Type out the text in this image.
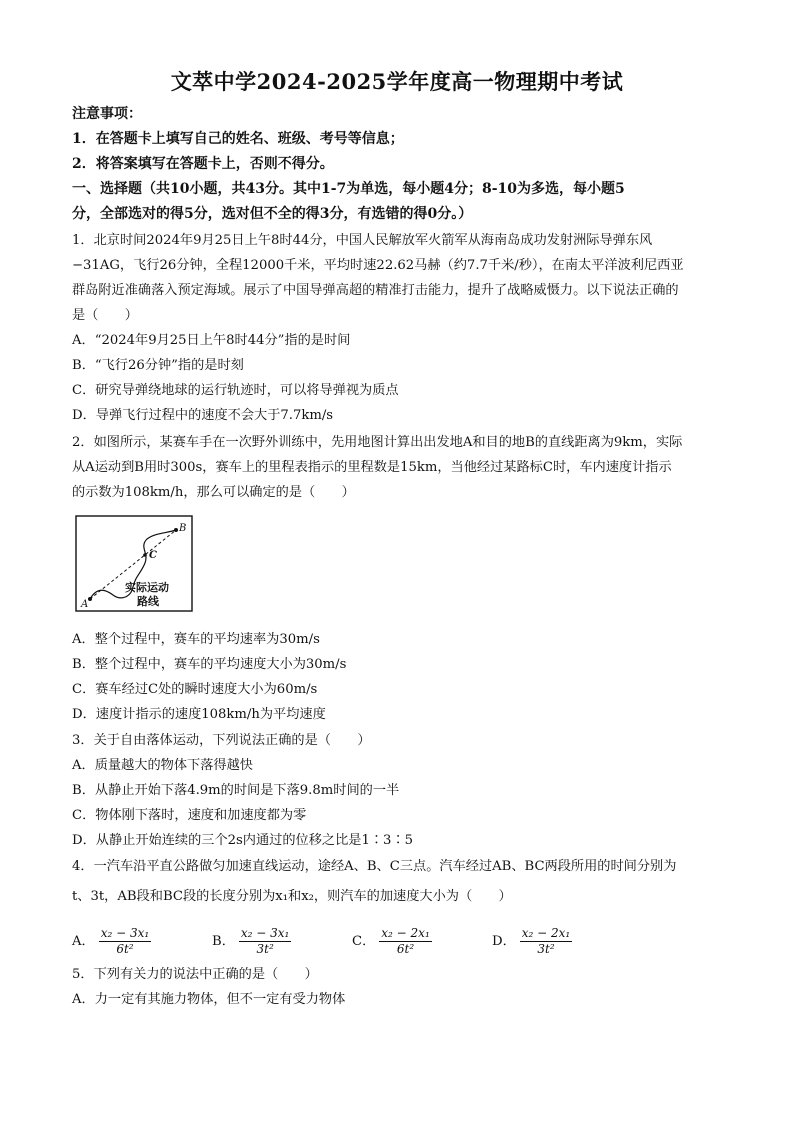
文萃中学2024-2025学年度高一物理期中考试
注意事项：
1．在答题卡上填写自己的姓名、班级、考号等信息；
2．将答案填写在答题卡上，否则不得分。
一、选择题（共10小题，共43分。其中1-7为单选，每小题4分；8-10为多选，每小题5
分，全部选对的得5分，选对但不全的得3分，有选错的得0分。）
1．北京时间2024年9月25日上午8时44分，中国人民解放军火箭军从海南岛成功发射洲际导弹东风
−31AG，飞行26分钟，全程12000千米，平均时速22.62马赫（约7.7千米/秒），在南太平洋波利尼西亚
群岛附近准确落入预定海域。展示了中国导弹高超的精准打击能力，提升了战略威慑力。以下说法正确的
是（　　）
A．“2024年9月25日上午8时44分”指的是时间
B．“飞行26分钟”指的是时刻
C．研究导弹绕地球的运行轨迹时，可以将导弹视为质点
D．导弹飞行过程中的速度不会大于7.7km/s
2．如图所示，某赛车手在一次野外训练中，先用地图计算出出发地A和目的地B的直线距离为9km，实际
从A运动到B用时300s，赛车上的里程表指示的里程数是15km，当他经过某路标C时，车内速度计指示
的示数为108km/h，那么可以确定的是（　　）
A
B
C
实际运动
路线
A．整个过程中，赛车的平均速率为30m/s
B．整个过程中，赛车的平均速度大小为30m/s
C．赛车经过C处的瞬时速度大小为60m/s
D．速度计指示的速度108km/h为平均速度
3．关于自由落体运动，下列说法正确的是（　　）
A．质量越大的物体下落得越快
B．从静止开始下落4.9m的时间是下落9.8m时间的一半
C．物体刚下落时，速度和加速度都为零
D．从静止开始连续的三个2s内通过的位移之比是1∶3∶5
4．一汽车沿平直公路做匀加速直线运动，途经A、B、C三点。汽车经过AB、BC两段所用的时间分别为
t、3t，AB段和BC段的长度分别为x₁和x₂，则汽车的加速度大小为（　　）
A． $\frac{\text{x₂ − 3x₁}}{\text{6t²}}$	B． $\frac{\text{x₂ − 3x₁}}{\text{3t²}}$	C． $\frac{\text{x₂ − 2x₁}}{\text{6t²}}$	D． $\frac{\text{x₂ − 2x₁}}{\text{3t²}}$
5．下列有关力的说法中正确的是（　　）
A．力一定有其施力物体，但不一定有受力物体
